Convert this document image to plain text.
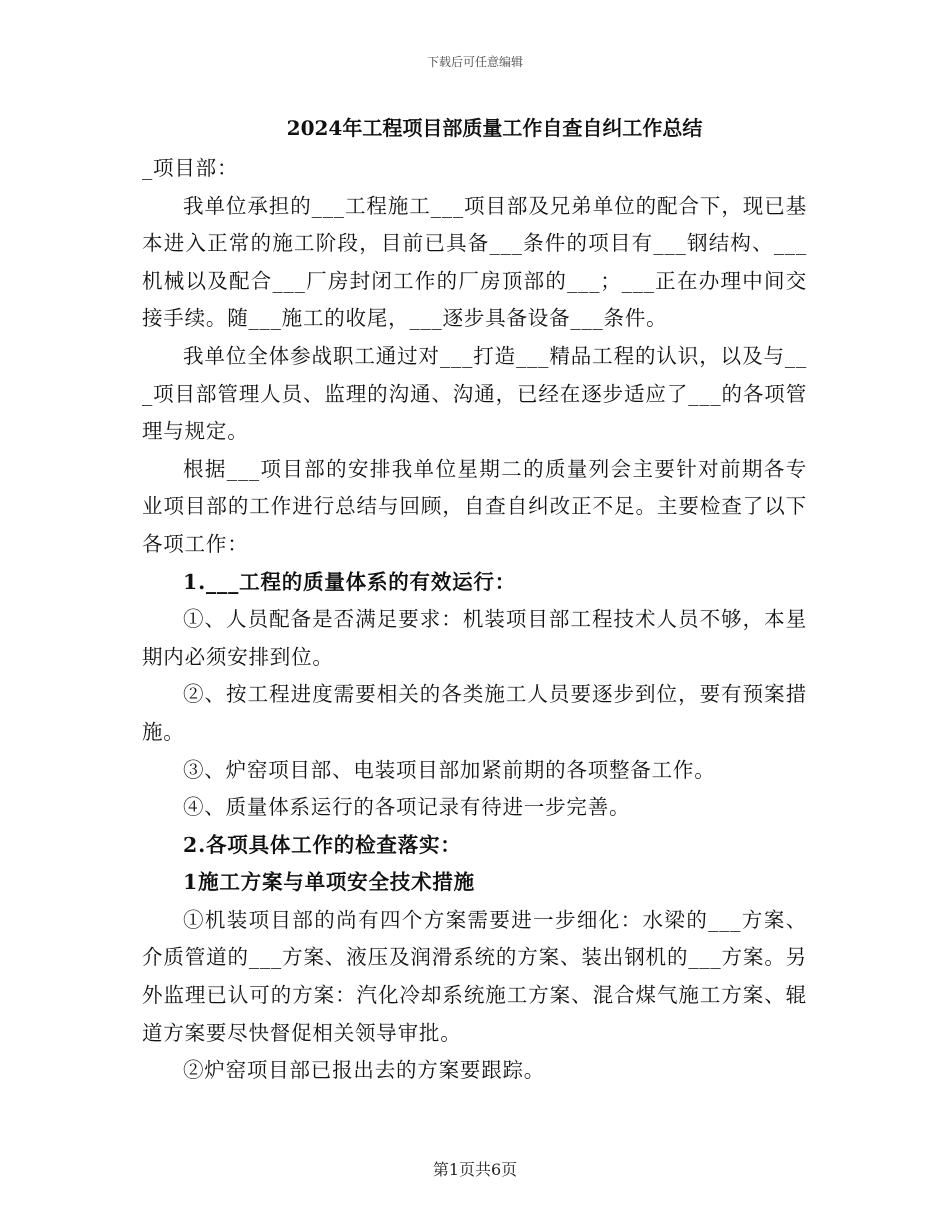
下载后可任意编辑
2024年工程项目部质量工作自查自纠工作总结

_项目部：

我单位承担的___工程施工___项目部及兄弟单位的配合下，现已基本进入正常的施工阶段，目前已具备___条件的项目有___钢结构、___机械以及配合___厂房封闭工作的厂房顶部的___；___正在办理中间交接手续。随___施工的收尾，___逐步具备设备___条件。

我单位全体参战职工通过对___打造___精品工程的认识，以及与___项目部管理人员、监理的沟通、沟通，已经在逐步适应了___的各项管理与规定。

根据___项目部的安排我单位星期二的质量列会主要针对前期各专业项目部的工作进行总结与回顾，自查自纠改正不足。主要检查了以下各项工作：

1.___工程的质量体系的有效运行：

①、人员配备是否满足要求：机装项目部工程技术人员不够，本星期内必须安排到位。

②、按工程进度需要相关的各类施工人员要逐步到位，要有预案措施。

③、炉窑项目部、电装项目部加紧前期的各项整备工作。

④、质量体系运行的各项记录有待进一步完善。

2.各项具体工作的检查落实：

1施工方案与单项安全技术措施

①机装项目部的尚有四个方案需要进一步细化：水梁的___方案、介质管道的___方案、液压及润滑系统的方案、装出钢机的___方案。另外监理已认可的方案：汽化冷却系统施工方案、混合煤气施工方案、辊道方案要尽快督促相关领导审批。

②炉窑项目部已报出去的方案要跟踪。

第1页共6页
